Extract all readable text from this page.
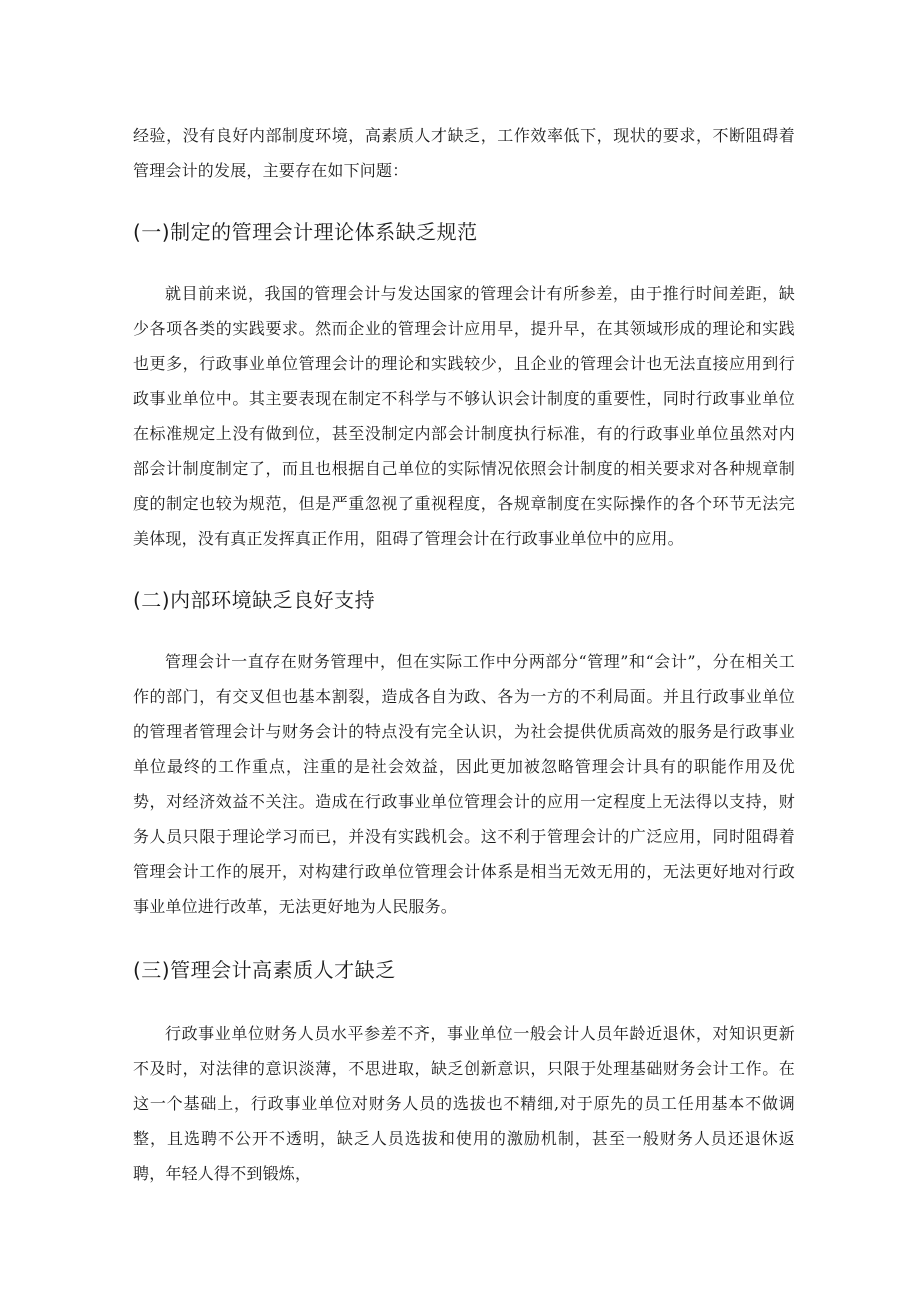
经验，没有良好内部制度环境，高素质人才缺乏，工作效率低下，现状的要求，不断阻碍着管理会计的发展，主要存在如下问题：

(一)制定的管理会计理论体系缺乏规范

就目前来说，我国的管理会计与发达国家的管理会计有所参差，由于推行时间差距，缺少各项各类的实践要求。然而企业的管理会计应用早，提升早，在其领域形成的理论和实践也更多，行政事业单位管理会计的理论和实践较少，且企业的管理会计也无法直接应用到行政事业单位中。其主要表现在制定不科学与不够认识会计制度的重要性，同时行政事业单位在标准规定上没有做到位，甚至没制定内部会计制度执行标准，有的行政事业单位虽然对内部会计制度制定了，而且也根据自己单位的实际情况依照会计制度的相关要求对各种规章制度的制定也较为规范，但是严重忽视了重视程度，各规章制度在实际操作的各个环节无法完美体现，没有真正发挥真正作用，阻碍了管理会计在行政事业单位中的应用。

(二)内部环境缺乏良好支持

管理会计一直存在财务管理中，但在实际工作中分两部分“管理”和“会计”，分在相关工作的部门，有交叉但也基本割裂，造成各自为政、各为一方的不利局面。并且行政事业单位的管理者管理会计与财务会计的特点没有完全认识，为社会提供优质高效的服务是行政事业单位最终的工作重点，注重的是社会效益，因此更加被忽略管理会计具有的职能作用及优势，对经济效益不关注。造成在行政事业单位管理会计的应用一定程度上无法得以支持，财务人员只限于理论学习而已，并没有实践机会。这不利于管理会计的广泛应用，同时阻碍着管理会计工作的展开，对构建行政单位管理会计体系是相当无效无用的，无法更好地对行政事业单位进行改革，无法更好地为人民服务。

(三)管理会计高素质人才缺乏

行政事业单位财务人员水平参差不齐，事业单位一般会计人员年龄近退休，对知识更新不及时，对法律的意识淡薄，不思进取，缺乏创新意识，只限于处理基础财务会计工作。在这一个基础上，行政事业单位对财务人员的选拔也不精细,对于原先的员工任用基本不做调整，且选聘不公开不透明，缺乏人员选拔和使用的激励机制，甚至一般财务人员还退休返聘，年轻人得不到锻炼，
